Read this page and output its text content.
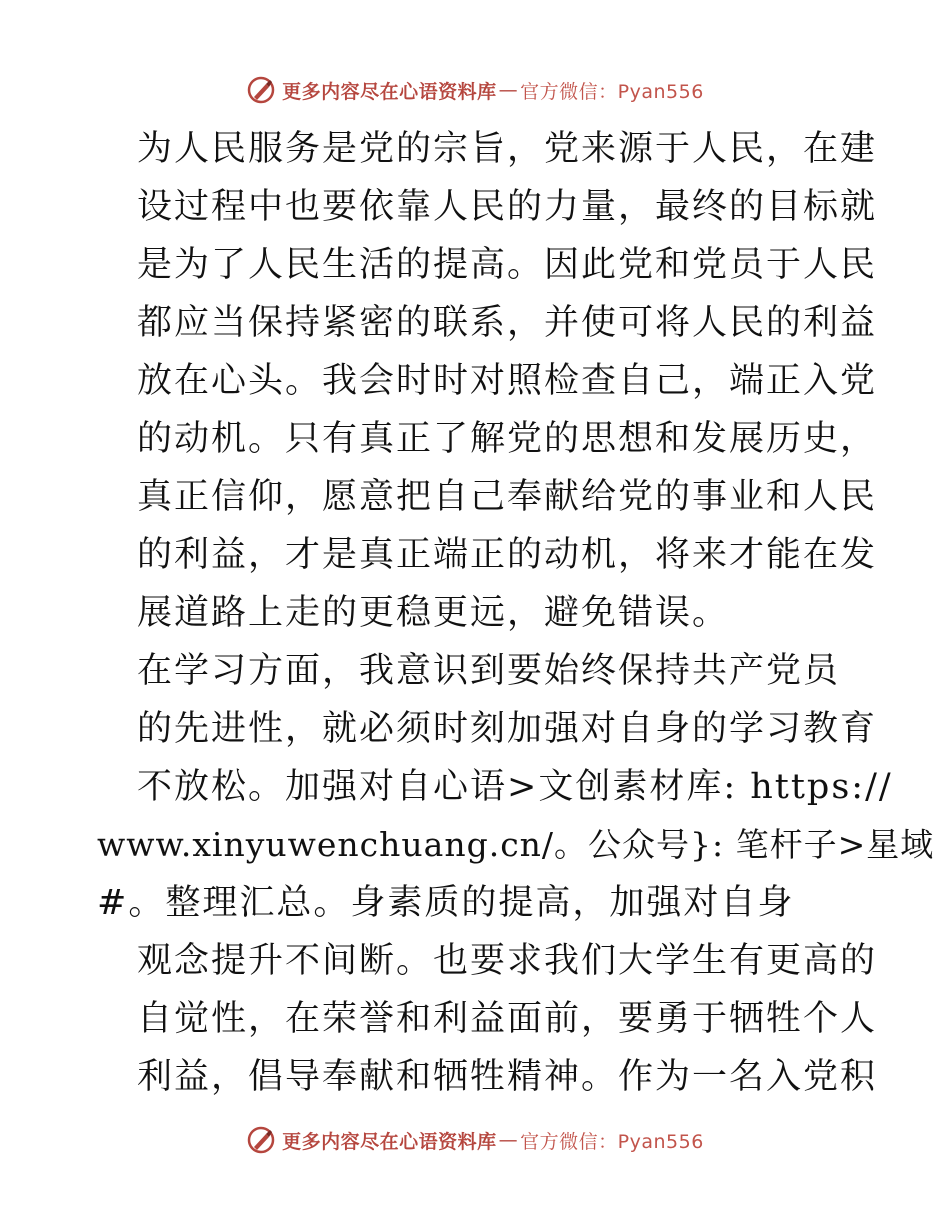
更多内容尽在心语资料库 — 官方微信：Pyan556
为人民服务是党的宗旨，党来源于人民，在建
设过程中也要依靠人民的力量，最终的目标就
是为了人民生活的提高。因此党和党员于人民
都应当保持紧密的联系，并使可将人民的利益
放在心头。我会时时对照检查自己，端正入党
的动机。只有真正了解党的思想和发展历史，
真正信仰，愿意把自己奉献给党的事业和人民
的利益，才是真正端正的动机，将来才能在发
展道路上走的更稳更远，避免错误。
在学习方面，我意识到要始终保持共产党员
的先进性，就必须时刻加强对自身的学习教育
不放松。加强对自心语>文创素材库: https://
www.xinyuwenchuang.cn/。公众号}: 笔杆子>星域
#。整理汇总。身素质的提高，加强对自身
观念提升不间断。也要求我们大学生有更高的
自觉性，在荣誉和利益面前，要勇于牺牲个人
利益，倡导奉献和牺牲精神。作为一名入党积
更多内容尽在心语资料库 — 官方微信：Pyan556
